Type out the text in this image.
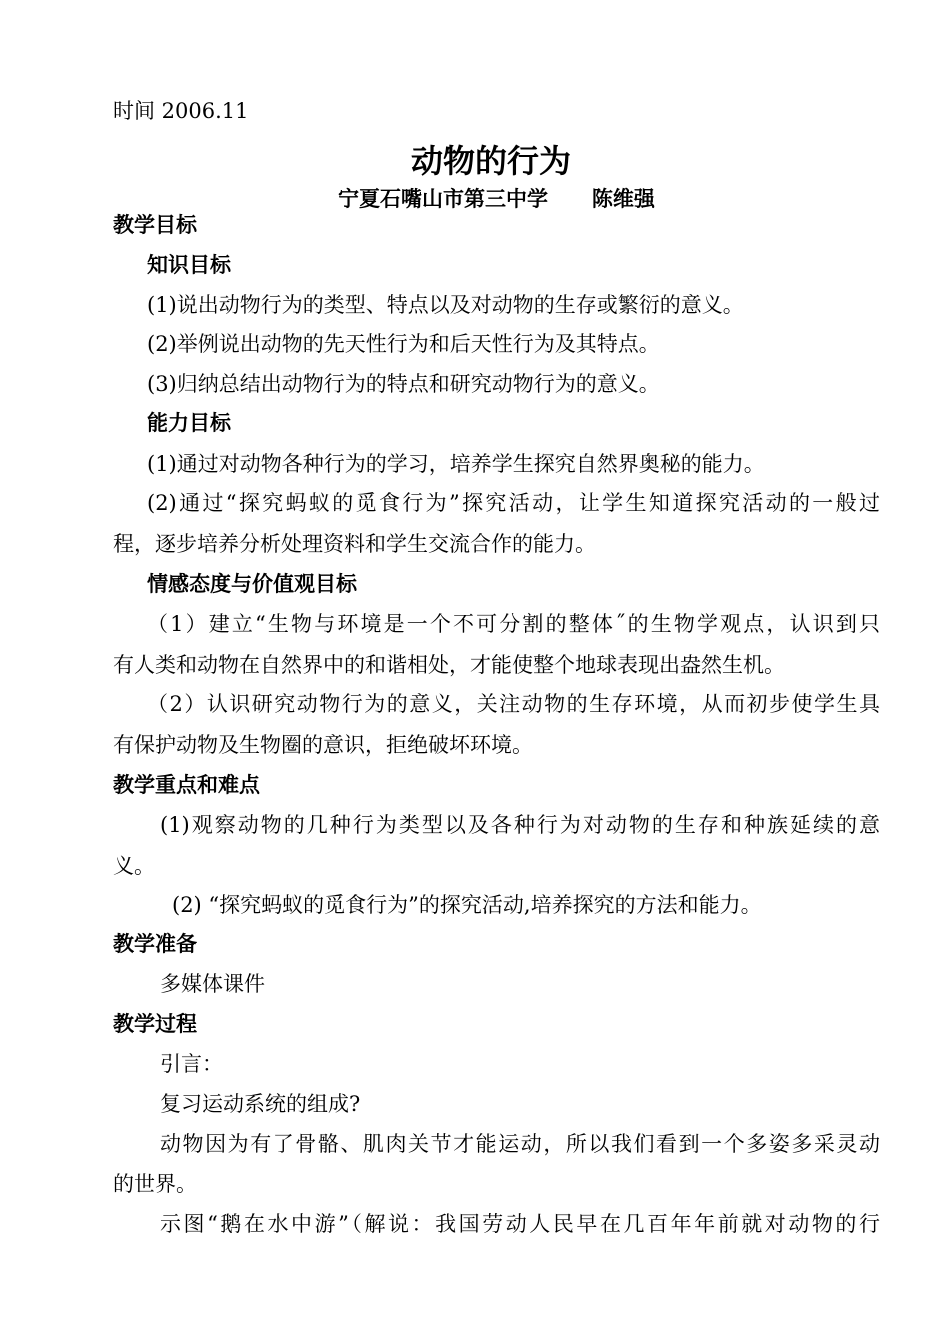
时间 2006.11
动物的行为
宁夏石嘴山市第三中学      陈维强
教学目标
知识目标
(1)说出动物行为的类型、特点以及对动物的生存或繁衍的意义。
(2)举例说出动物的先天性行为和后天性行为及其特点。
(3)归纳总结出动物行为的特点和研究动物行为的意义。
能力目标
(1)通过对动物各种行为的学习，培养学生探究自然界奥秘的能力。
(2)通过“探究蚂蚁的觅食行为”探究活动，让学生知道探究活动的一般过
程，逐步培养分析处理资料和学生交流合作的能力。
情感态度与价值观目标
（1）建立“生物与环境是一个不可分割的整体˝的生物学观点，认识到只
有人类和动物在自然界中的和谐相处，才能使整个地球表现出盎然生机。
（2）认识研究动物行为的意义，关注动物的生存环境，从而初步使学生具
有保护动物及生物圈的意识，拒绝破坏环境。
教学重点和难点
(1)观察动物的几种行为类型以及各种行为对动物的生存和种族延续的意
义。
(2) “探究蚂蚁的觅食行为”的探究活动,培养探究的方法和能力。
教学准备
多媒体课件
教学过程
引言：
复习运动系统的组成?
动物因为有了骨骼、肌肉关节才能运动，所以我们看到一个多姿多采灵动
的世界。
示图“鹅在水中游”（解说：我国劳动人民早在几百年年前就对动物的行
